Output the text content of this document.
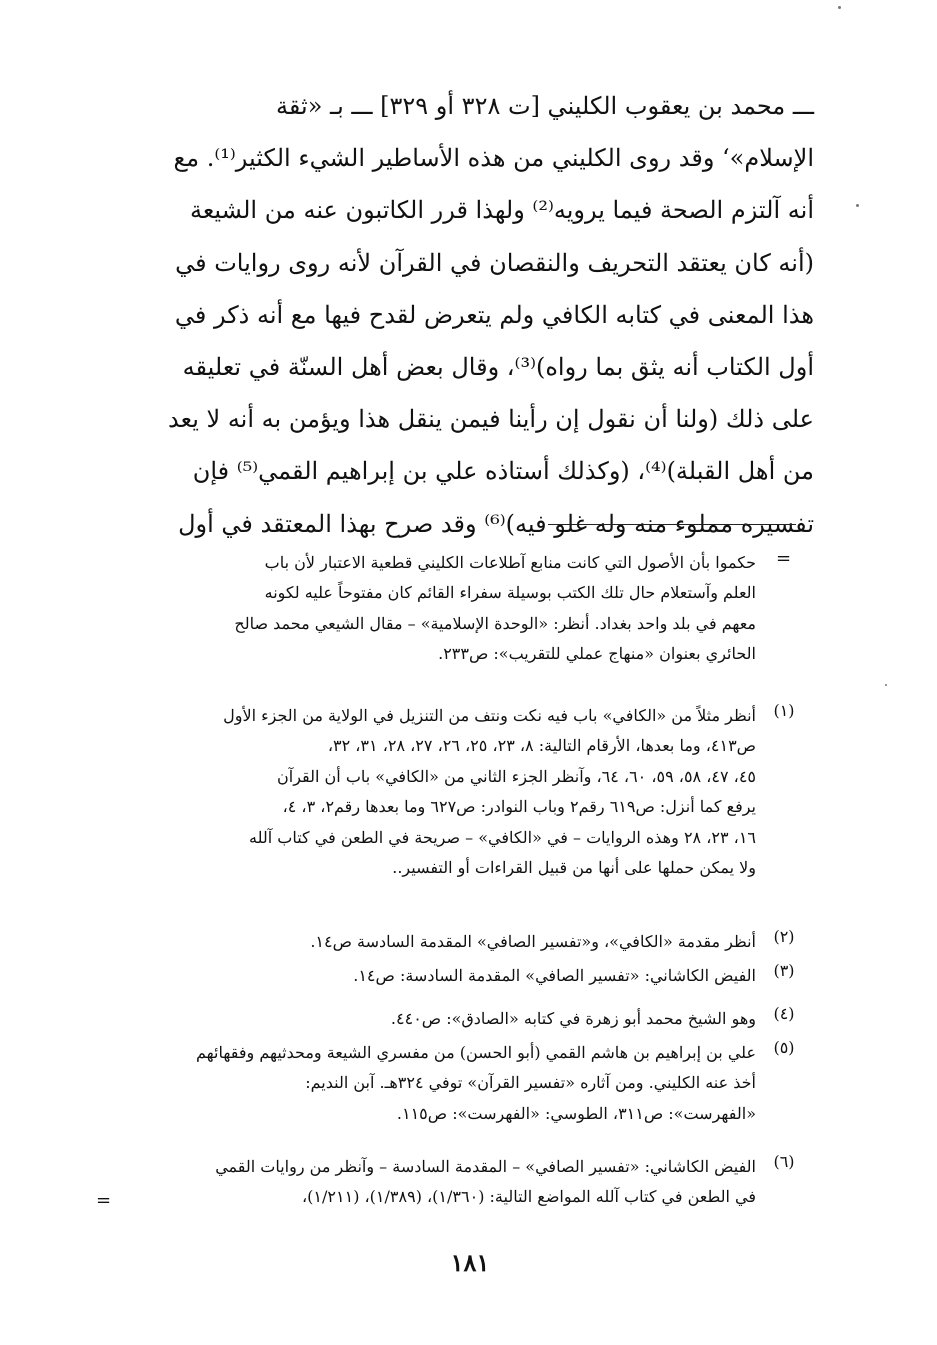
ـــ محمد بن يعقوب الكليني [ت ٣٢٨ أو ٣٢٩] ـــ بـ «ثقة
الإسلام»‘ وقد روى الكليني من هذه الأساطير الشيء الكثير⁽¹⁾. مع
أنه آلتزم الصحة فيما يرويه⁽²⁾ ولهذا قرر الكاتبون عنه من الشيعة
(أنه كان يعتقد التحريف والنقصان في القرآن لأنه روى روايات في
هذا المعنى في كتابه الكافي ولم يتعرض لقدح فيها مع أنه ذكر في
أول الكتاب أنه يثق بما رواه)⁽³⁾، وقال بعض أهل السنّة في تعليقه
على ذلك (ولنا أن نقول إن رأينا فيمن ينقل هذا ويؤمن به أنه لا يعد
من أهل القبلة)⁽⁴⁾، (وكذلك أستاذه علي بن إبراهيم القمي⁽⁵⁾ فإن
تفسيره مملوء منه وله غلو فيه)⁽⁶⁾ وقد صرح بهذا المعتقد في أول
=
حكموا بأن الأصول التي كانت منابع آطلاعات الكليني قطعية الاعتبار لأن باب
العلم وآستعلام حال تلك الكتب بوسيلة سفراء القائم كان مفتوحاً عليه لكونه
معهم في بلد واحد بغداد. أنظر: «الوحدة الإسلامية» – مقال الشيعي محمد صالح
الحائري بعنوان «منهاج عملي للتقريب»: ص٢٣٣.
(١)
أنظر مثلاً من «الكافي» باب فيه نكت ونتف من التنزيل في الولاية من الجزء الأول
ص٤١٣، وما بعدها، الأرقام التالية: ٨، ٢٣، ٢٥، ٢٦، ٢٧، ٢٨، ٣١، ٣٢،
٤٥، ٤٧، ٥٨، ٥٩، ٦٠، ٦٤، وآنظر الجزء الثاني من «الكافي» باب أن القرآن
يرفع كما أنزل: ص٦١٩ رقم٢ وباب النوادر: ص٦٢٧ وما بعدها رقم٢، ٣، ٤،
١٦، ٢٣، ٢٨ وهذه الروايات – في «الكافي» – صريحة في الطعن في كتاب آلله
ولا يمكن حملها على أنها من قبيل القراءات أو التفسير..
(٢)
أنظر مقدمة «الكافي»، و«تفسير الصافي» المقدمة السادسة ص١٤.
(٣)
الفيض الكاشاني: «تفسير الصافي» المقدمة السادسة: ص١٤.
(٤)
وهو الشيخ محمد أبو زهرة في كتابه «الصادق»: ص٤٤٠.
(٥)
علي بن إبراهيم بن هاشم القمي (أبو الحسن) من مفسري الشيعة ومحدثيهم وفقهائهم
أخذ عنه الكليني. ومن آثاره «تفسير القرآن» توفي ٣٢٤هـ. آبن النديم:
«الفهرست»: ص٣١١، الطوسي: «الفهرست»: ص١١٥.
(٦)
الفيض الكاشاني: «تفسير الصافي» – المقدمة السادسة – وآنظر من روايات القمي
في الطعن في كتاب آلله المواضع التالية: (١/٣٦٠)، (١/٣٨٩)، (١/٢١١)،
=
١٨١
